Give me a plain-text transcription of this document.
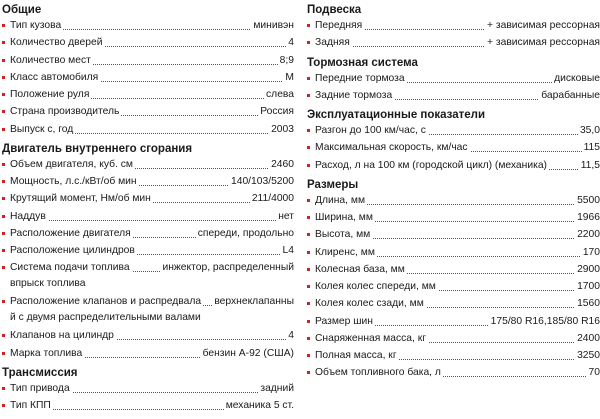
Общие
Тип кузова	минивэн
Количество дверей	4
Количество мест	8;9
Класс автомобиля	M
Положение руля	слева
Страна производитель	Россия
Выпуск с, год	2003
Двигатель внутреннего сгорания
Объем двигателя, куб. см	2460
Мощность, л.с./кВт/об мин	140/103/5200
Крутящий момент, Нм/об мин	211/4000
Наддув	нет
Расположение двигателя	спереди, продольно
Расположение цилиндров	L4
Система подачи топлива	инжектор, распределенный
впрыск топлива
Расположение клапанов и распредвала верхнеклапанны
й с двумя распределительными валами
Клапанов на цилиндр	4
Марка топлива	бензин А-92 (США)
Трансмиссия
Тип привода	задний
Тип КПП	механика 5 ст.
Подвеска
Передняя	+ зависимая рессорная
Задняя	+ зависимая рессорная
Тормозная система
Передние тормоза	дисковые
Задние тормоза	барабанные
Эксплуатационные показатели
Разгон до 100 км/час, с	35,0
Максимальная скорость, км/час	115
Расход, л на 100 км (городской цикл) (механика)	11,5
Размеры
Длина, мм	5500
Ширина, мм	1966
Высота, мм	2200
Клиренс, мм	170
Колесная база, мм	2900
Колея колес спереди, мм	1700
Колея колес сзади, мм	1560
Размер шин	175/80 R16,185/80 R16
Снаряженная масса, кг	2400
Полная масса, кг	3250
Объем топливного бака, л	70
